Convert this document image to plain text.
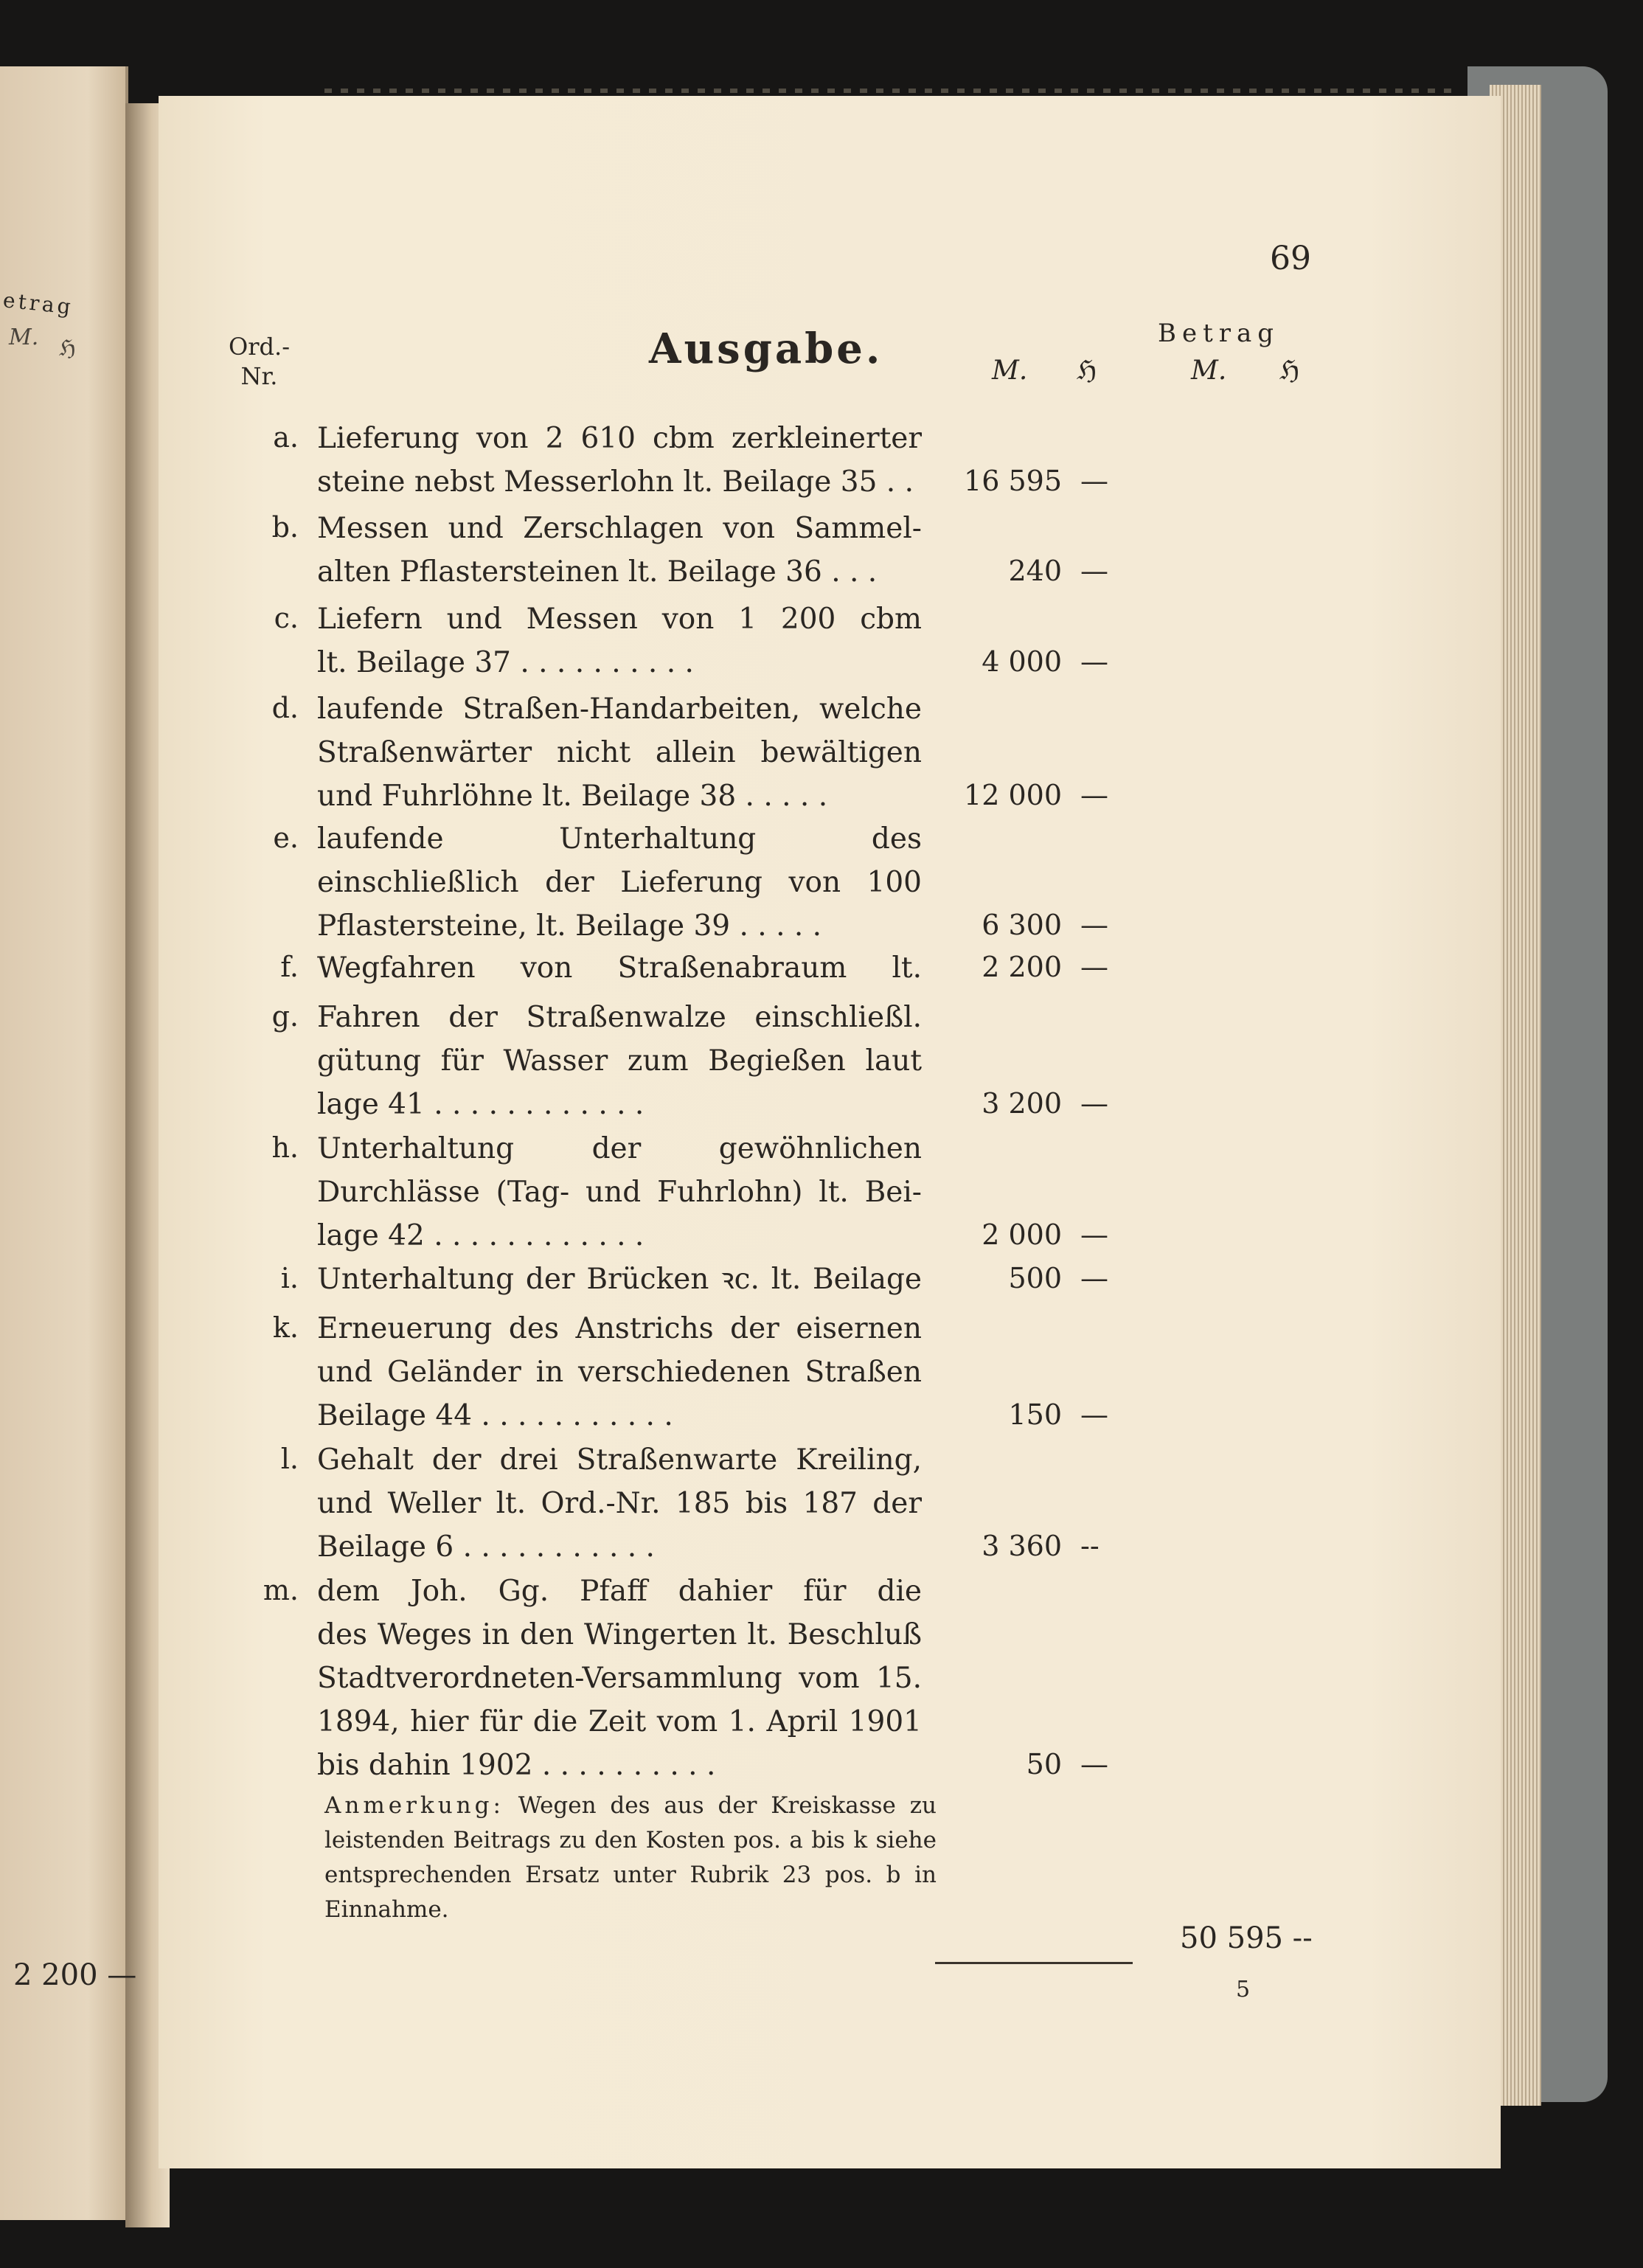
etrag
M. ℌ
2 200 —
69
Ord.-
Nr.
Ausgabe.	Betrag
M. ℌ	M. ℌ
a. Lieferung von 2 610 cbm zerkleinerter
steine nebst Messerlohn lt. Beilage 35 . .	16 595 —
b. Messen und Zerschlagen von Sammel-
alten Pflastersteinen lt. Beilage 36 . . .	240 —
c. Liefern und Messen von 1 200 cbm
lt. Beilage 37 . . . . . . . . . .	4 000 —
d. laufende Straßen-Handarbeiten, welche
Straßenwärter nicht allein bewältigen
und Fuhrlöhne lt. Beilage 38 . . . . .	12 000 —
e. laufende Unterhaltung des
einschließlich der Lieferung von 100
Pflastersteine, lt. Beilage 39 . . . . .	6 300 —
f. Wegfahren von Straßenabraum lt.	2 200 —
g. Fahren der Straßenwalze einschließl.
gütung für Wasser zum Begießen laut
lage 41 . . . . . . . . . . . .	3 200 —
h. Unterhaltung der gewöhnlichen
Durchlässe (Tag- und Fuhrlohn) lt. Bei-
lage 42 . . . . . . . . . . . .	2 000 —
i. Unterhaltung der Brücken ꝛc. lt. Beilage	500 —
k. Erneuerung des Anstrichs der eisernen
und Geländer in verschiedenen Straßen
Beilage 44 . . . . . . . . . . .	150 —
l. Gehalt der drei Straßenwarte Kreiling,
und Weller lt. Ord.-Nr. 185 bis 187 der
Beilage 6 . . . . . . . . . . .	3 360 --
m. dem Joh. Gg. Pfaff dahier für die
des Weges in den Wingerten lt. Beschluß
Stadtverordneten-Versammlung vom 15.
1894, hier für die Zeit vom 1. April 1901
bis dahin 1902 . . . . . . . . . .	50 —
Anmerkung: Wegen des aus der Kreiskasse zu
leistenden Beitrags zu den Kosten pos. a bis k siehe
entsprechenden Ersatz unter Rubrik 23 pos. b in
Einnahme.
50 595 --
5
